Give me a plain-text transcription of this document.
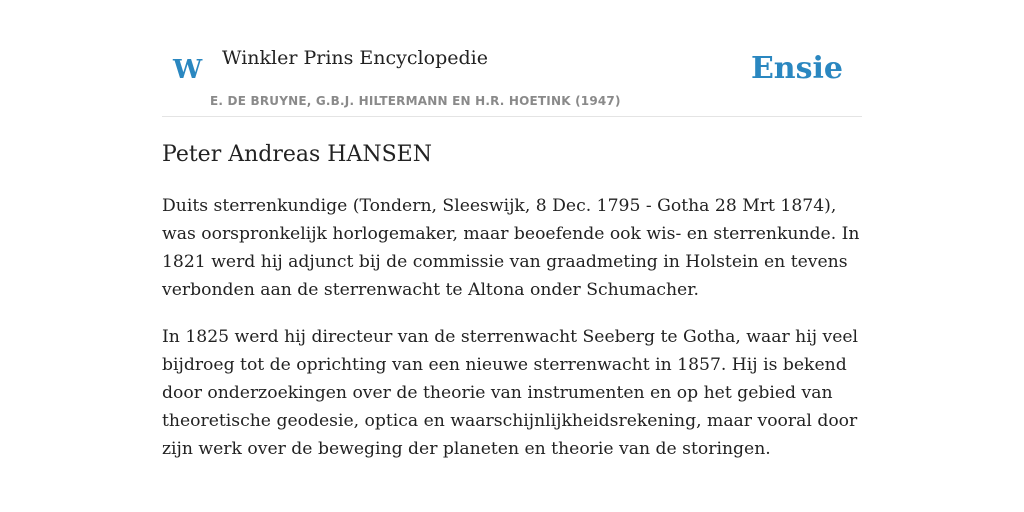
W Winkler Prins Encyclopedie
E. DE BRUYNE, G.B.J. HILTERMANN EN H.R. HOETINK (1947)
Ensie
Peter Andreas HANSEN

Duits sterrenkundige (Tondern, Sleeswijk, 8 Dec. 1795 - Gotha 28 Mrt 1874), was oorspronkelijk horlogemaker, maar beoefende ook wis- en sterrenkunde. In 1821 werd hij adjunct bij de commissie van graadmeting in Holstein en tevens verbonden aan de sterrenwacht te Altona onder Schumacher.

In 1825 werd hij directeur van de sterrenwacht Seeberg te Gotha, waar hij veel bijdroeg tot de oprichting van een nieuwe sterrenwacht in 1857. Hij is bekend door onderzoekingen over de theorie van instrumenten en op het gebied van theoretische geodesie, optica en waarschijnlijkheidsrekening, maar vooral door zijn werk over de beweging der planeten en theorie van de storingen.
